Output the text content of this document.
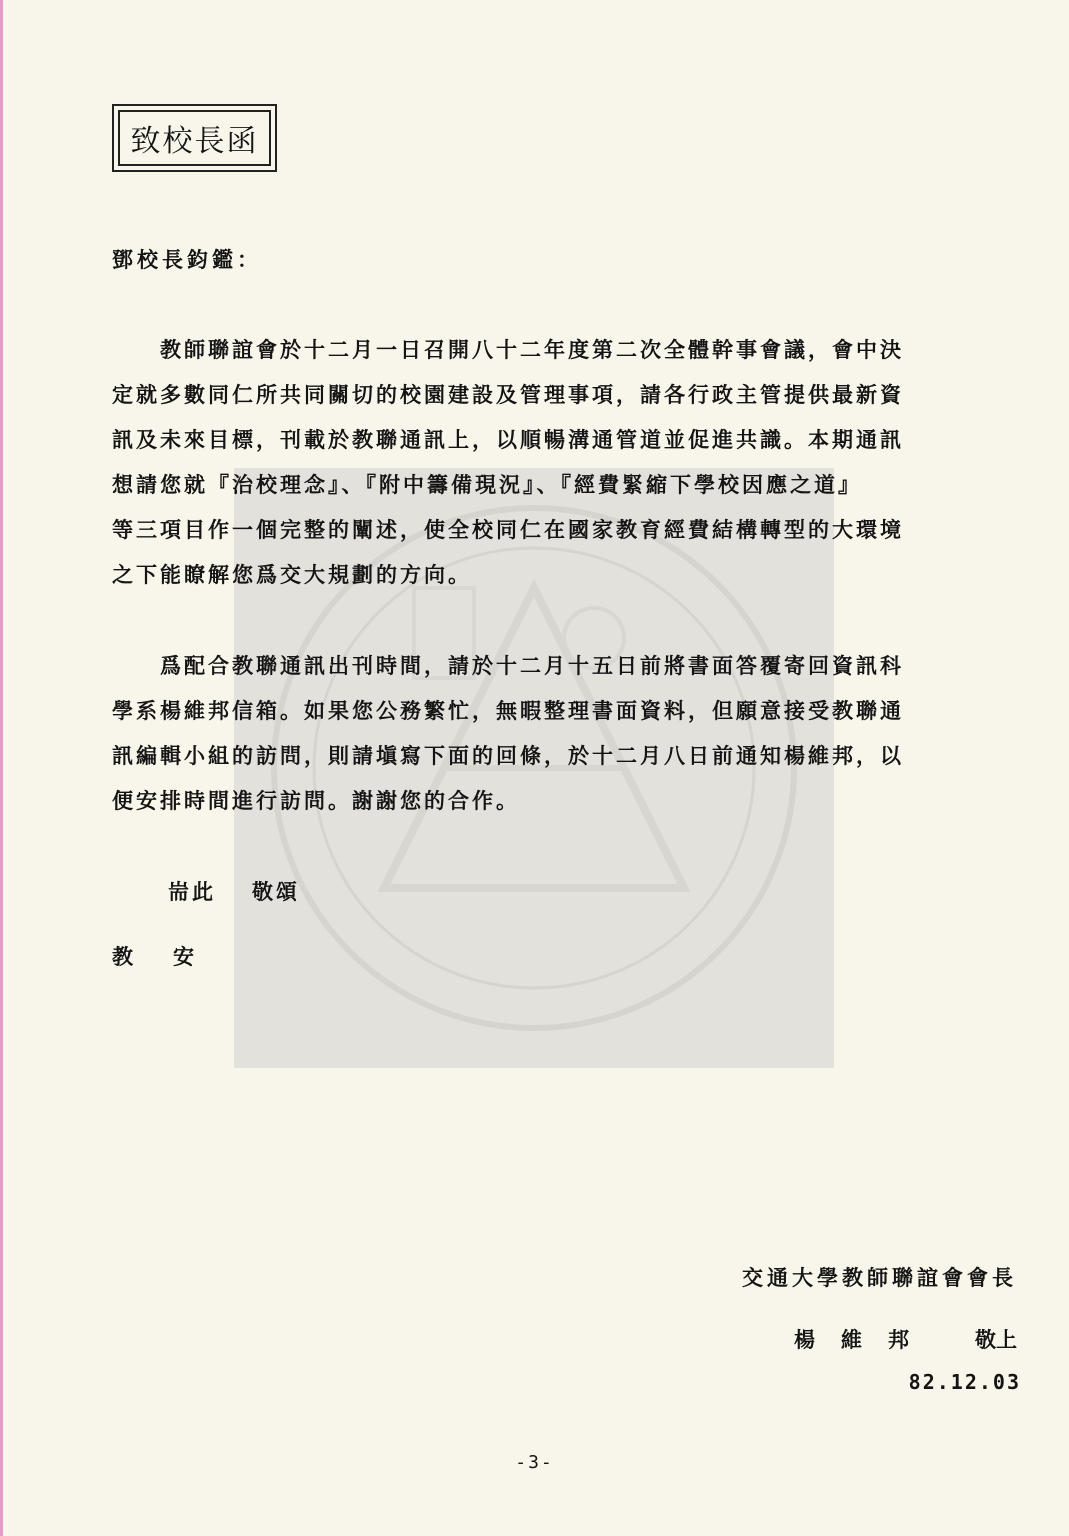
致校長函
鄧校長鈞鑑：
　　教師聯誼會於十二月一日召開八十二年度第二次全體幹事會議，會中決
定就多數同仁所共同關切的校園建設及管理事項，請各行政主管提供最新資
訊及未來目標，刊載於教聯通訊上，以順暢溝通管道並促進共識。本期通訊
想請您就『治校理念』、『附中籌備現況』、『經費緊縮下學校因應之道』
等三項目作一個完整的闡述，使全校同仁在國家教育經費結構轉型的大環境
之下能瞭解您爲交大規劃的方向。
　　爲配合教聯通訊出刊時間，請於十二月十五日前將書面答覆寄回資訊科
學系楊維邦信箱。如果您公務繁忙，無暇整理書面資料，但願意接受教聯通
訊編輯小組的訪問，則請塡寫下面的回條，於十二月八日前通知楊維邦，以
便安排時間進行訪問。謝謝您的合作。
耑此 敬頌
教安
交通大學教師聯誼會會長
楊維邦 敬上
82.12.03
-3-
